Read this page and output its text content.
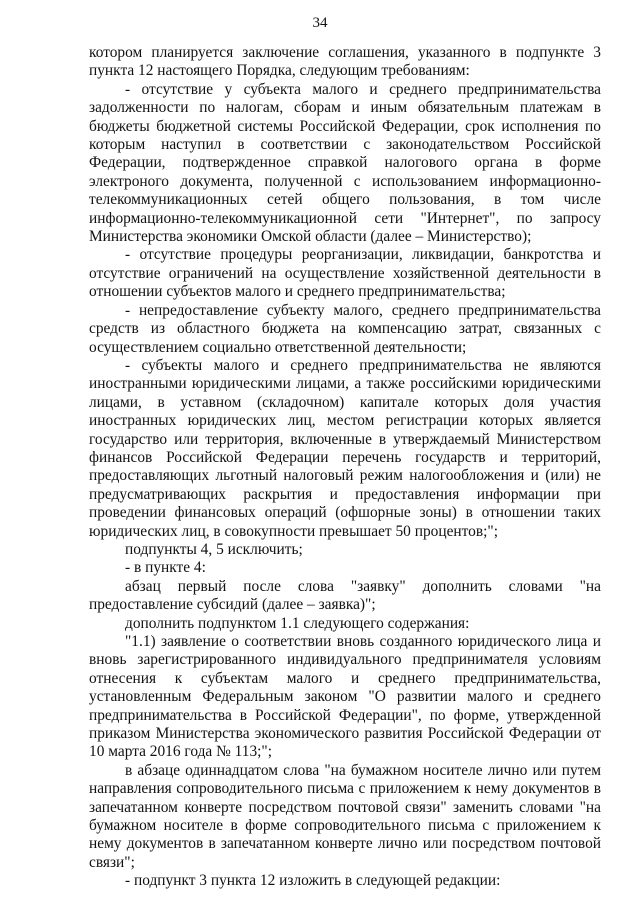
34

котором планируется заключение соглашения, указанного в подпункте 3 пункта 12 настоящего Порядка, следующим требованиям:

- отсутствие у субъекта малого и среднего предпринимательства задолженности по налогам, сборам и иным обязательным платежам в бюджеты бюджетной системы Российской Федерации, срок исполнения по которым наступил в соответствии с законодательством Российской Федерации, подтвержденное справкой налогового органа в форме электроного документа, полученной с использованием информационно-телекоммуникационных сетей общего пользования, в том числе информационно-телекоммуникационной сети "Интернет", по запросу Министерства экономики Омской области (далее – Министерство);

- отсутствие процедуры реорганизации, ликвидации, банкротства и отсутствие ограничений на осуществление хозяйственной деятельности в отношении субъектов малого и среднего предпринимательства;

- непредоставление субъекту малого, среднего предпринимательства средств из областного бюджета на компенсацию затрат, связанных с осуществлением социально ответственной деятельности;

- субъекты малого и среднего предпринимательства не являются иностранными юридическими лицами, а также российскими юридическими лицами, в уставном (складочном) капитале которых доля участия иностранных юридических лиц, местом регистрации которых является государство или территория, включенные в утверждаемый Министерством финансов Российской Федерации перечень государств и территорий, предоставляющих льготный налоговый режим налогообложения и (или) не предусматривающих раскрытия и предоставления информации при проведении финансовых операций (офшорные зоны) в отношении таких юридических лиц, в совокупности превышает 50 процентов;";

подпункты 4, 5 исключить;

- в пункте 4:

абзац первый после слова "заявку" дополнить словами "на предоставление субсидий (далее – заявка)";

дополнить подпунктом 1.1 следующего содержания:

"1.1) заявление о соответствии вновь созданного юридического лица и вновь зарегистрированного индивидуального предпринимателя условиям отнесения к субъектам малого и среднего предпринимательства, установленным Федеральным законом "О развитии малого и среднего предпринимательства в Российской Федерации", по форме, утвержденной приказом Министерства экономического развития Российской Федерации от 10 марта 2016 года № 113;";

в абзаце одиннадцатом слова "на бумажном носителе лично или путем направления сопроводительного письма с приложением к нему документов в запечатанном конверте посредством почтовой связи" заменить словами "на бумажном носителе в форме сопроводительного письма с приложением к нему документов в запечатанном конверте лично или посредством почтовой связи";

- подпункт 3 пункта 12 изложить в следующей редакции:
